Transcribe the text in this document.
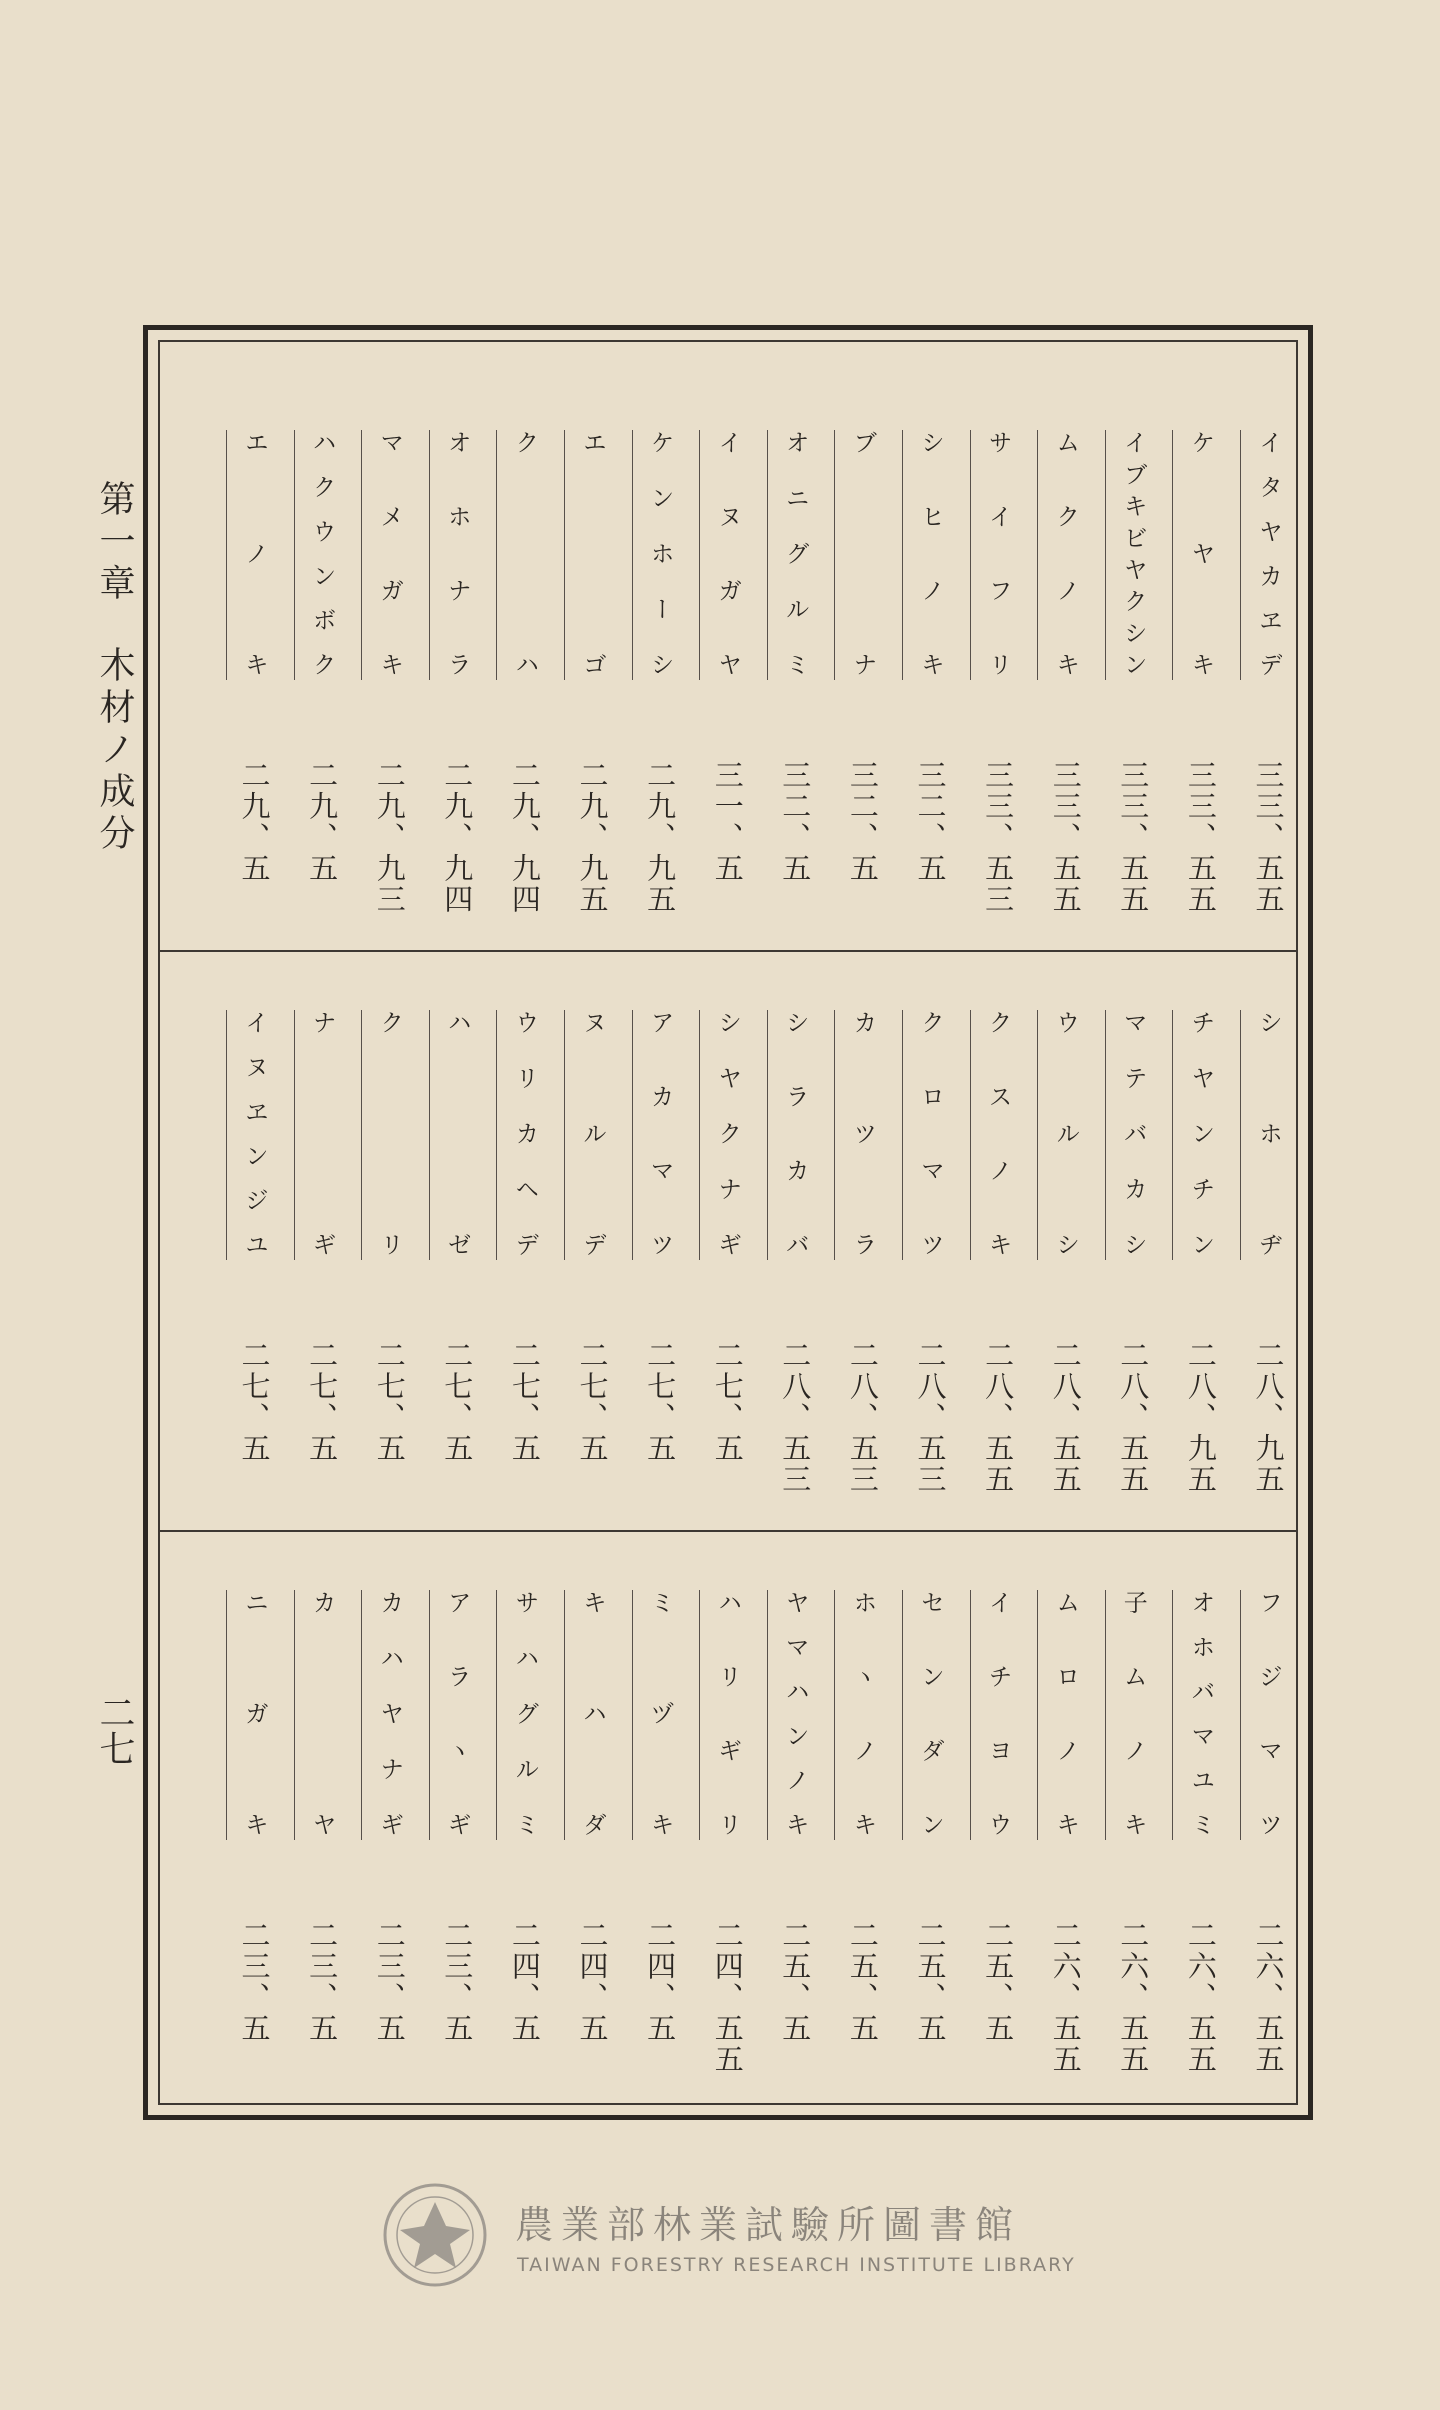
第一章木材ノ成分
二七
イタヤカヱデ
三三、五五
ケヤキ
三三、五五
イブキビヤクシン
三三、五五
ムクノキ
三三、五五
サイフリ
三三、五三
シヒノキ
三二、五
ブナ
三二、五
オニグルミ
三二、五
イヌガヤ
三一、五
ケンホーシ
二九、九五
エゴ
二九、九五
クハ
二九、九四
オホナラ
二九、九四
マメガキ
二九、九三
ハクウンボク
二九、五
エノキ
二九、五
シホヂ
二八、九五
チヤンチン
二八、九五
マテバカシ
二八、五五
ウルシ
二八、五五
クスノキ
二八、五五
クロマツ
二八、五三
カツラ
二八、五三
シラカバ
二八、五三
シヤクナギ
二七、五
アカマツ
二七、五
ヌルデ
二七、五
ウリカヘデ
二七、五
ハゼ
二七、五
クリ
二七、五
ナギ
二七、五
イヌヱンジユ
二七、五
フジマツ
二六、五五
オホバマユミ
二六、五五
子ムノキ
二六、五五
ムロノキ
二六、五五
イチヨウ
二五、五
センダン
二五、五
ホヽノキ
二五、五
ヤマハンノキ
二五、五
ハリギリ
二四、五五
ミヅキ
二四、五
キハダ
二四、五
サハグルミ
二四、五
アラヽギ
二三、五
カハヤナギ
二三、五
カヤ
二三、五
ニガキ
二三、五
農業部林業試驗所圖書館
TAIWAN FORESTRY RESEARCH INSTITUTE LIBRARY
